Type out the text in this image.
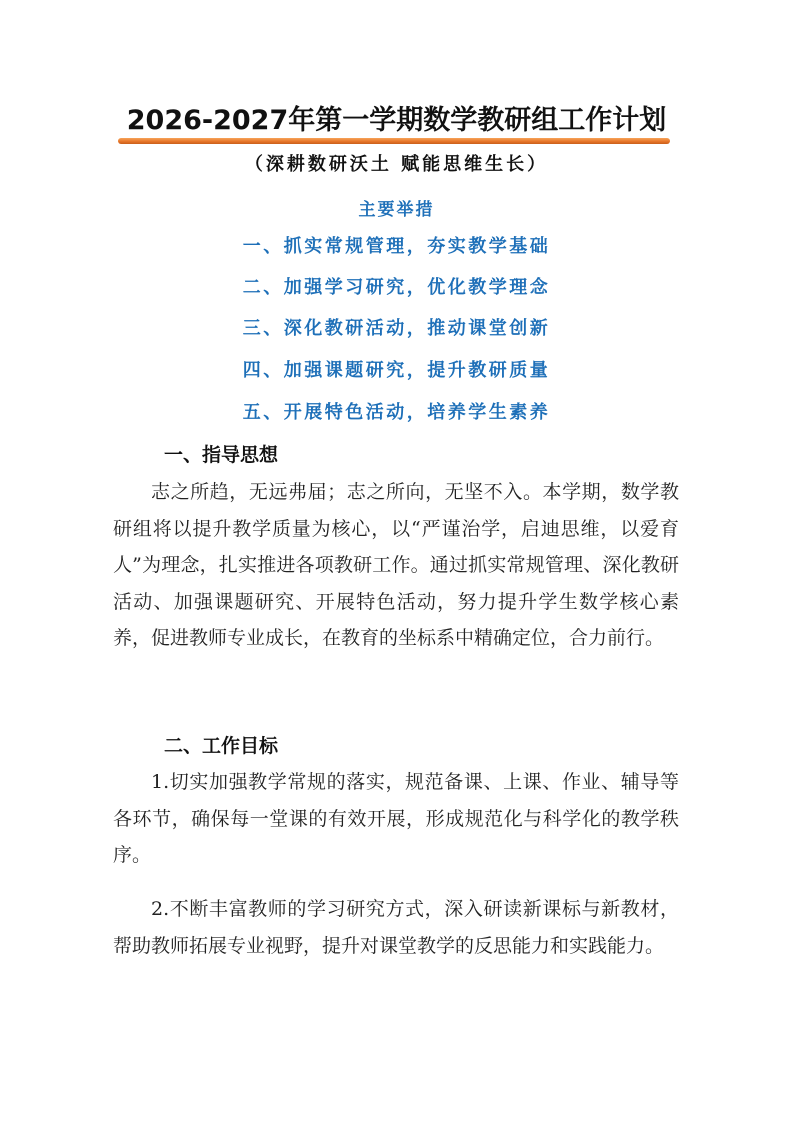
2026-2027年第一学期数学教研组工作计划
（深耕数研沃土 赋能思维生长）
主要举措
一、抓实常规管理，夯实教学基础
二、加强学习研究，优化教学理念
三、深化教研活动，推动课堂创新
四、加强课题研究，提升教研质量
五、开展特色活动，培养学生素养
一、指导思想
志之所趋，无远弗届；志之所向，无坚不入。本学期，数学教研组将以提升教学质量为核心，以“严谨治学，启迪思维，以爱育人”为理念，扎实推进各项教研工作。通过抓实常规管理、深化教研活动、加强课题研究、开展特色活动，努力提升学生数学核心素养，促进教师专业成长，在教育的坐标系中精确定位，合力前行。
二、工作目标
1.切实加强教学常规的落实，规范备课、上课、作业、辅导等各环节，确保每一堂课的有效开展，形成规范化与科学化的教学秩序。
2.不断丰富教师的学习研究方式，深入研读新课标与新教材，帮助教师拓展专业视野，提升对课堂教学的反思能力和实践能力。
